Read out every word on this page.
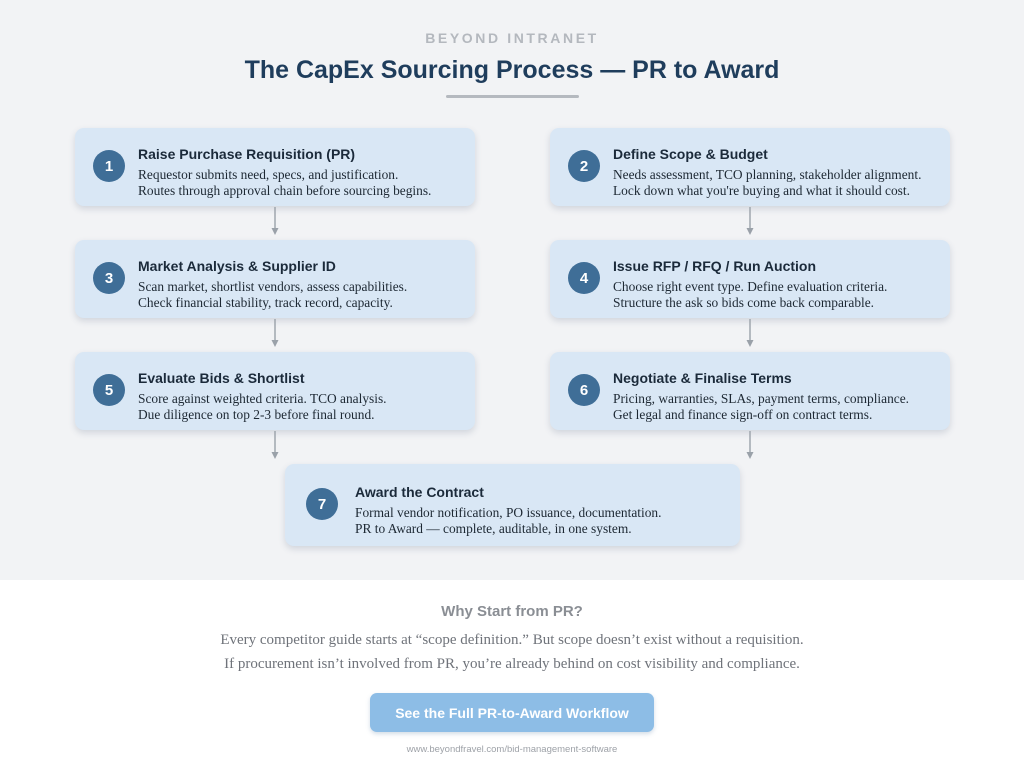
BEYOND INTRANET
The CapEx Sourcing Process — PR to Award
1
Raise Purchase Requisition (PR)
Requestor submits need, specs, and justification.
Routes through approval chain before sourcing begins.
2
Define Scope & Budget
Needs assessment, TCO planning, stakeholder alignment.
Lock down what you're buying and what it should cost.
3
Market Analysis & Supplier ID
Scan market, shortlist vendors, assess capabilities.
Check financial stability, track record, capacity.
4
Issue RFP / RFQ / Run Auction
Choose right event type. Define evaluation criteria.
Structure the ask so bids come back comparable.
5
Evaluate Bids & Shortlist
Score against weighted criteria. TCO analysis.
Due diligence on top 2-3 before final round.
6
Negotiate & Finalise Terms
Pricing, warranties, SLAs, payment terms, compliance.
Get legal and finance sign-off on contract terms.
7
Award the Contract
Formal vendor notification, PO issuance, documentation.
PR to Award — complete, auditable, in one system.
Why Start from PR?
Every competitor guide starts at “scope definition.” But scope doesn’t exist without a requisition.
If procurement isn’t involved from PR, you’re already behind on cost visibility and compliance.
See the Full PR-to-Award Workflow
www.beyondfravel.com/bid-management-software
